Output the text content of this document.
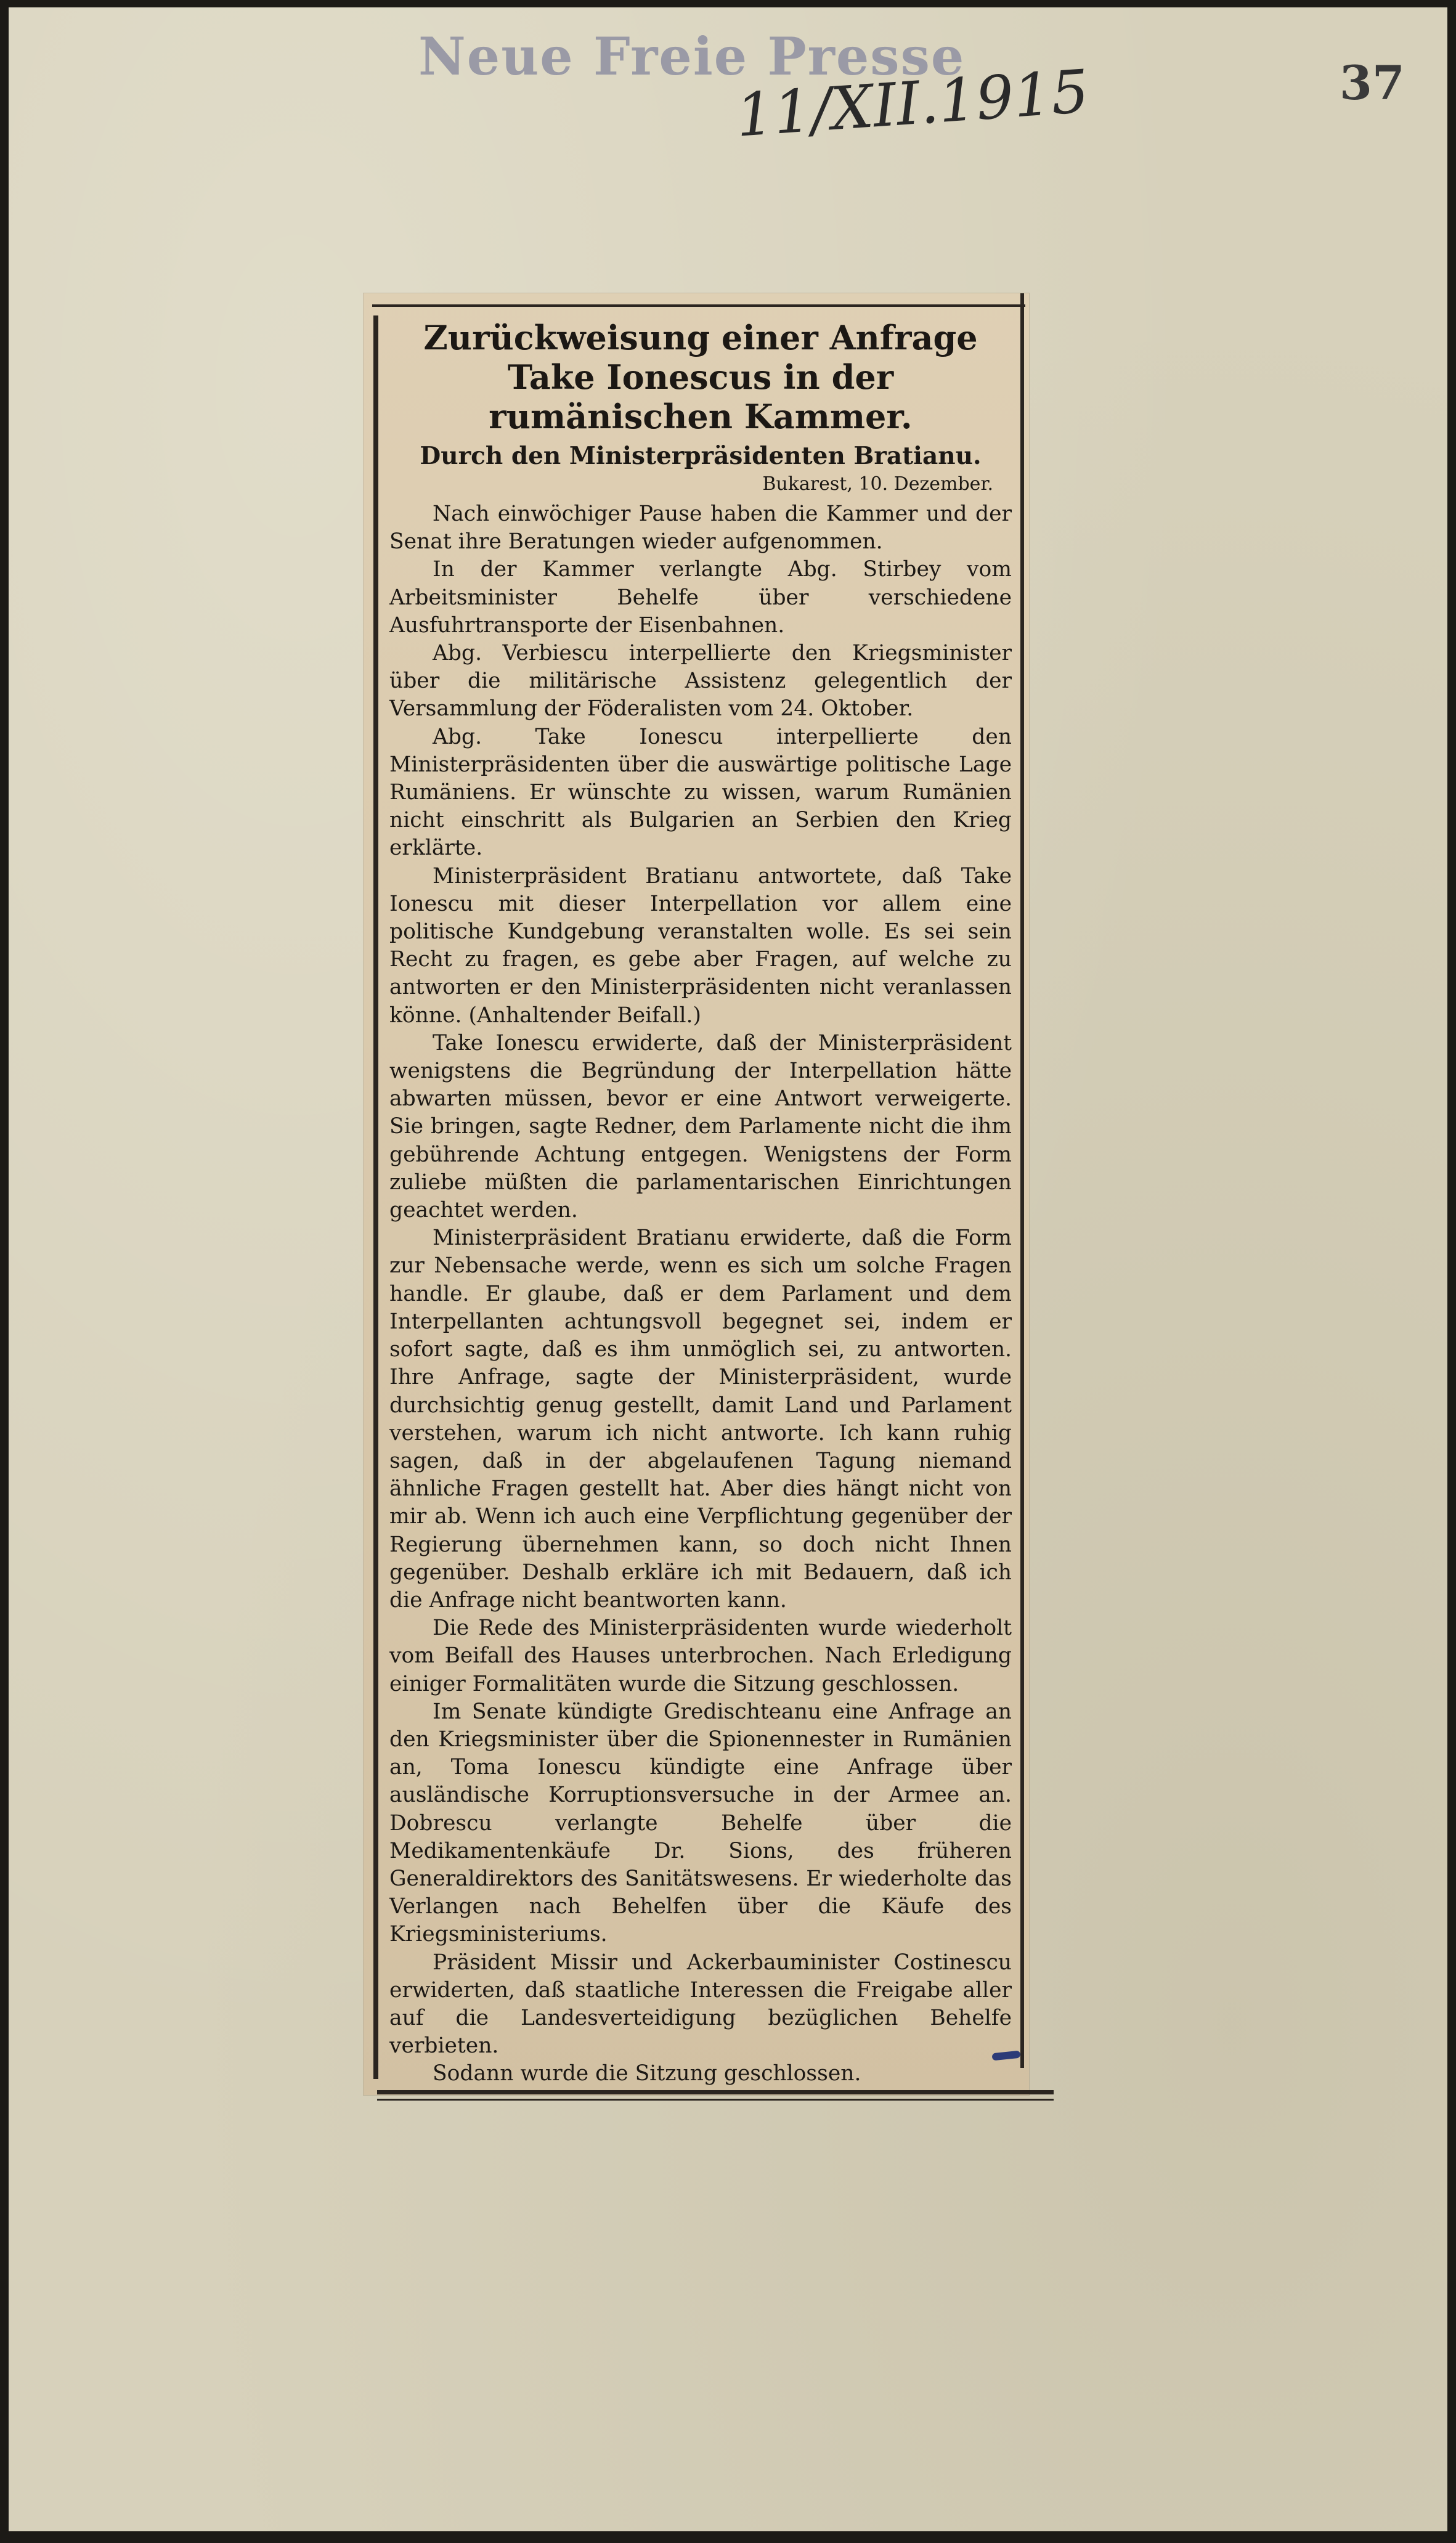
Neue Freie Presse
11/XII.1915	37
Zurückweisung einer Anfrage Take Ionescus in der rumänischen Kammer.
Durch den Ministerpräsidenten Bratianu.

Bukarest, 10. Dezember.

Nach einwöchiger Pause haben die Kammer und der Senat ihre Beratungen wieder aufgenommen.

In der Kammer verlangte Abg. Stirbey vom Arbeitsminister Behelfe über verschiedene Ausfuhrtransporte der Eisenbahnen.

Abg. Verbiescu interpellierte den Kriegsminister über die militärische Assistenz gelegentlich der Versammlung der Föderalisten vom 24. Oktober.

Abg. Take Ionescu interpellierte den Ministerpräsidenten über die auswärtige politische Lage Rumäniens. Er wünschte zu wissen, warum Rumänien nicht einschritt als Bulgarien an Serbien den Krieg erklärte.

Ministerpräsident Bratianu antwortete, daß Take Ionescu mit dieser Interpellation vor allem eine politische Kundgebung veranstalten wolle. Es sei sein Recht zu fragen, es gebe aber Fragen, auf welche zu antworten er den Ministerpräsidenten nicht veranlassen könne. (Anhaltender Beifall.)

Take Ionescu erwiderte, daß der Ministerpräsident wenigstens die Begründung der Interpellation hätte abwarten müssen, bevor er eine Antwort verweigerte. Sie bringen, sagte Redner, dem Parlamente nicht die ihm gebührende Achtung entgegen. Wenigstens der Form zuliebe müßten die parlamentarischen Einrichtungen geachtet werden.

Ministerpräsident Bratianu erwiderte, daß die Form zur Nebensache werde, wenn es sich um solche Fragen handle. Er glaube, daß er dem Parlament und dem Interpellanten achtungsvoll begegnet sei, indem er sofort sagte, daß es ihm unmöglich sei, zu antworten. Ihre Anfrage, sagte der Ministerpräsident, wurde durchsichtig genug gestellt, damit Land und Parlament verstehen, warum ich nicht antworte. Ich kann ruhig sagen, daß in der abgelaufenen Tagung niemand ähnliche Fragen gestellt hat. Aber dies hängt nicht von mir ab. Wenn ich auch eine Verpflichtung gegenüber der Regierung übernehmen kann, so doch nicht Ihnen gegenüber. Deshalb erkläre ich mit Bedauern, daß ich die Anfrage nicht beantworten kann.

Die Rede des Ministerpräsidenten wurde wiederholt vom Beifall des Hauses unterbrochen. Nach Erledigung einiger Formalitäten wurde die Sitzung geschlossen.

Im Senate kündigte Gredischteanu eine Anfrage an den Kriegsminister über die Spionennester in Rumänien an, Toma Ionescu kündigte eine Anfrage über ausländische Korruptionsversuche in der Armee an. Dobrescu verlangte Behelfe über die Medikamentenkäufe Dr. Sions, des früheren Generaldirektors des Sanitätswesens. Er wiederholte das Verlangen nach Behelfen über die Käufe des Kriegsministeriums.

Präsident Missir und Ackerbauminister Costinescu erwiderten, daß staatliche Interessen die Freigabe aller auf die Landesverteidigung bezüglichen Behelfe verbieten.

Sodann wurde die Sitzung geschlossen.
